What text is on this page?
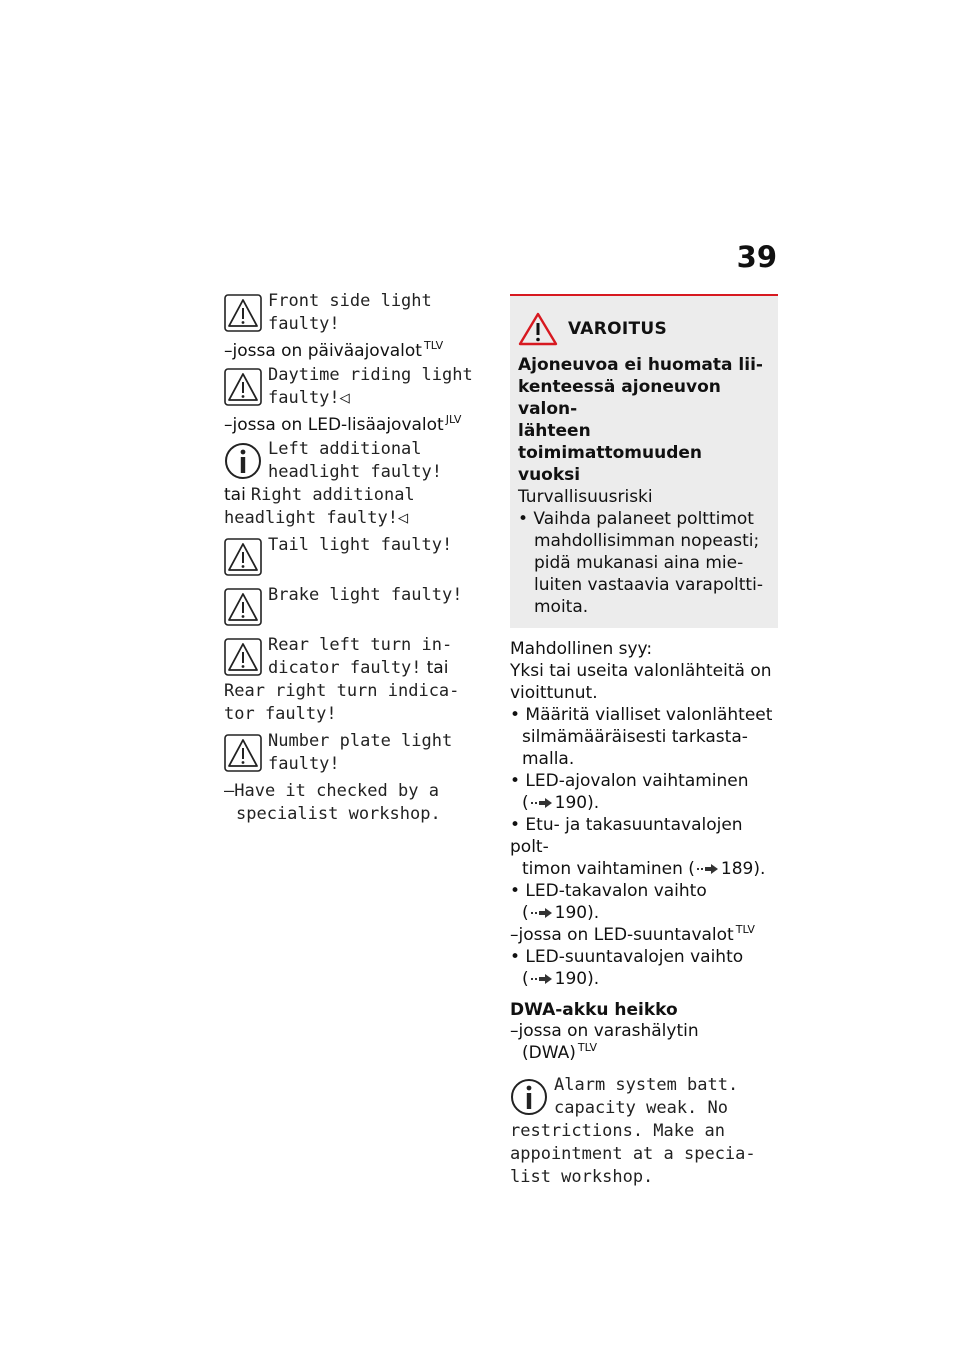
39
Front side light
faulty!
–jossa on päiväajovalot $^{TLV}$
Daytime riding light
faulty!◁
–jossa on LED-lisäajovalot $^{JLV}$
Left additional
headlight faulty!
tai Right additional
headlight faulty!◁
Tail light faulty!
Brake light faulty!
Rear left turn in-
dicator faulty! tai
Rear right turn indica-
tor faulty!
Number plate light
faulty!
–Have it checked by a
specialist workshop.
VAROITUS
Ajoneuvoa ei huomata lii-
kenteessä ajoneuvon valon-
lähteen toimimattomuuden
vuoksi
Turvallisuusriski
• Vaihda palaneet polttimot
mahdollisimman nopeasti;
pidä mukanasi aina mie-
luiten vastaavia varapoltti-
moita.
Mahdollinen syy:
Yksi tai useita valonlähteitä on
vioittunut.
• Määritä vialliset valonlähteet
silmämääräisesti tarkasta-
malla.
• LED-ajovalon vaihtaminen
( 190).
• Etu- ja takasuuntavalojen polt-
timon vaihtaminen ( 189).
• LED-takavalon vaihto
( 190).
–jossa on LED-suuntavalot $^{TLV}$
• LED-suuntavalojen vaihto
( 190).
DWA-akku heikko
–jossa on varashälytin
(DWA) $^{TLV}$
Alarm system batt.
capacity weak. No
restrictions. Make an
appointment at a specia-
list workshop.
